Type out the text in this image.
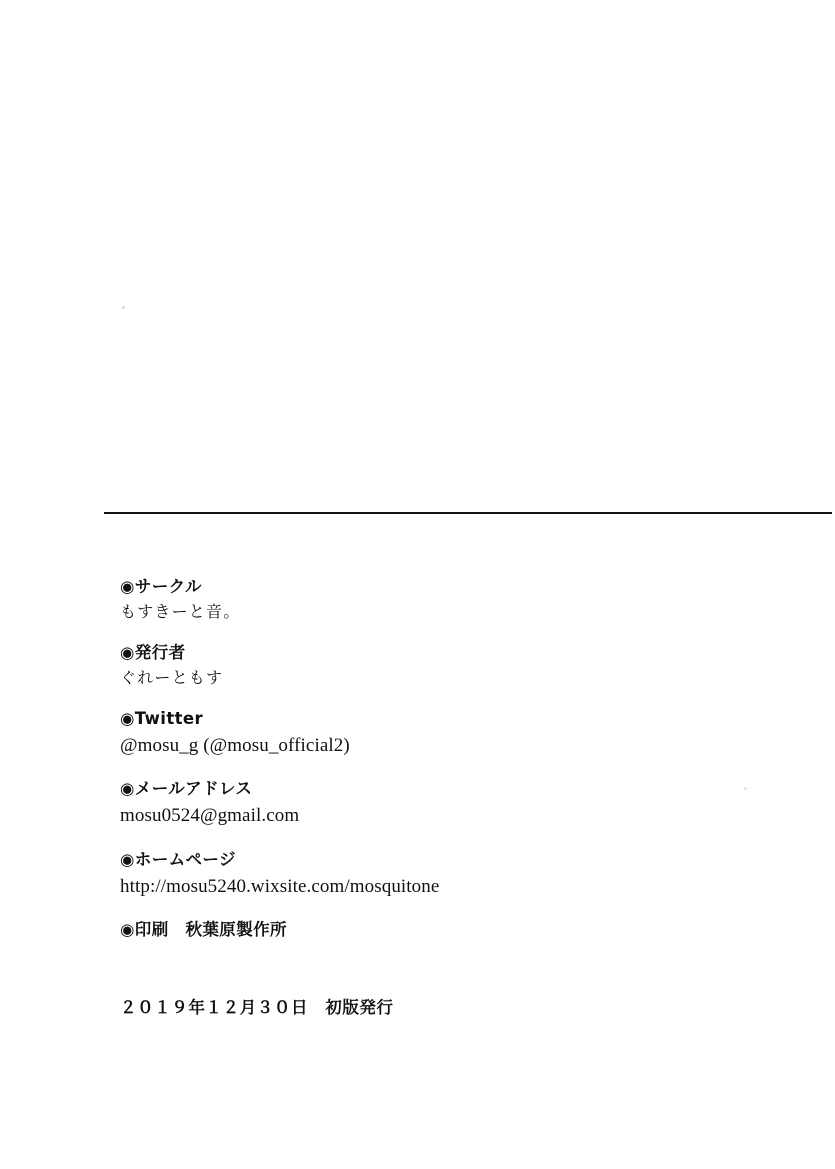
◉サークル
もすきーと音。
◉発行者
ぐれーともす
◉Twitter
@mosu_g (@mosu_official2)
◉メールアドレス
mosu0524@gmail.com
◉ホームページ
http://mosu5240.wixsite.com/mosquitone
◉印刷　秋葉原製作所
２０１９年１２月３０日　初版発行
